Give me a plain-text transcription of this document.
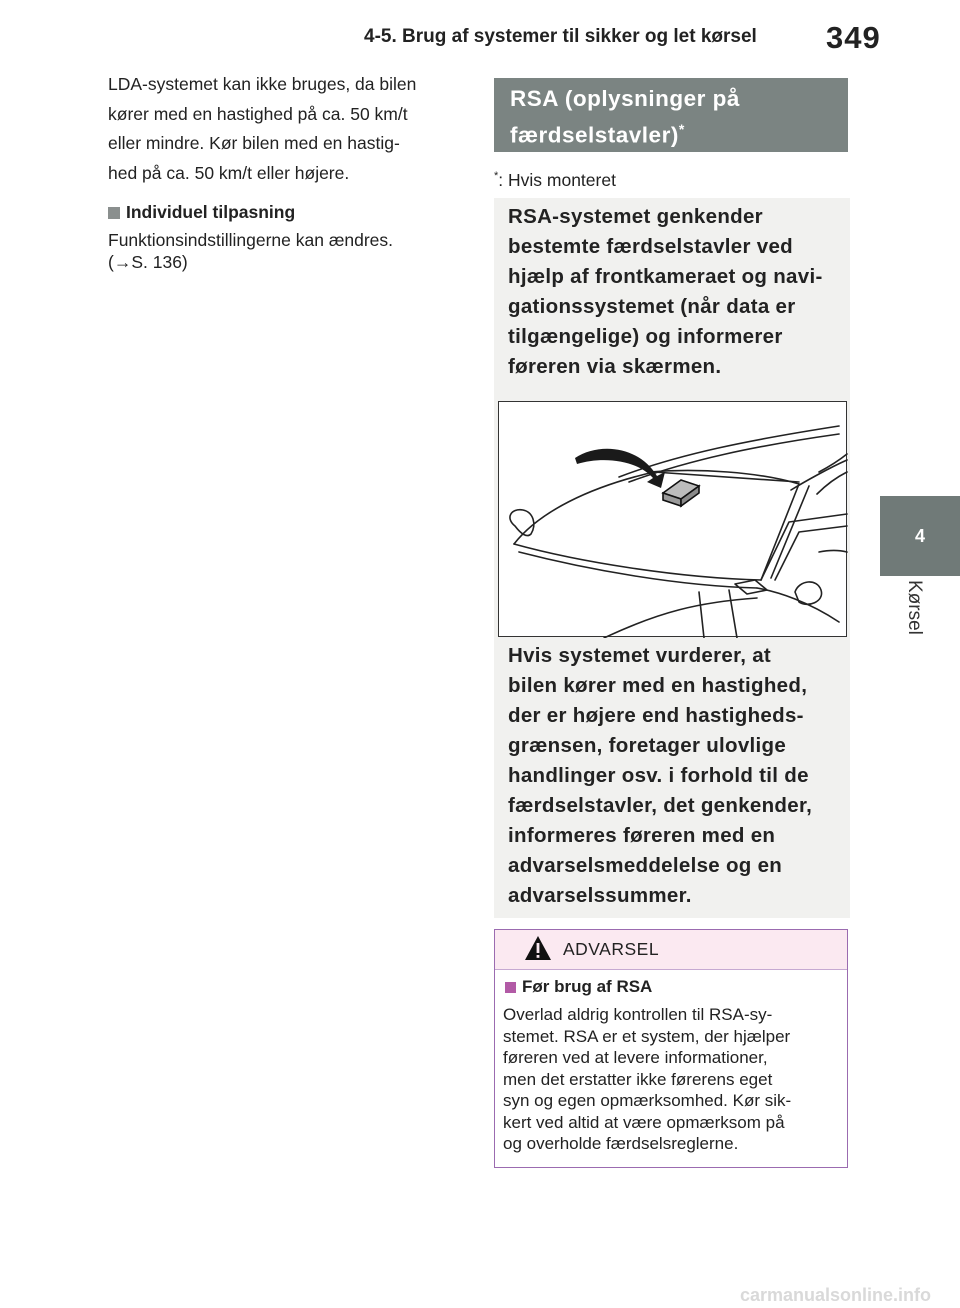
4-5. Brug af systemer til sikker og let kørsel 349
4
Kørsel
LDA-systemet kan ikke bruges, da bilen
kører med en hastighed på ca. 50 km/t
eller mindre. Kør bilen med en hastig-
hed på ca. 50 km/t eller højere.
Individuel tilpasning
Funktionsindstillingerne kan ændres.
(→S. 136)
RSA (oplysninger på
færdselstavler)*
*: Hvis monteret
RSA-systemet genkender
bestemte færdselstavler ved
hjælp af frontkameraet og navi-
gationssystemet (når data er
tilgængelige) og informerer
føreren via skærmen.
Hvis systemet vurderer, at
bilen kører med en hastighed,
der er højere end hastigheds-
grænsen, foretager ulovlige
handlinger osv. i forhold til de
færdselstavler, det genkender,
informeres føreren med en
advarselsmeddelelse og en
advarselssummer.
ADVARSEL
Før brug af RSA
Overlad aldrig kontrollen til RSA-sy-
stemet. RSA er et system, der hjælper
føreren ved at levere informationer,
men det erstatter ikke førerens eget
syn og egen opmærksomhed. Kør sik-
kert ved altid at være opmærksom på
og overholde færdselsreglerne.
carmanualsonline.info
